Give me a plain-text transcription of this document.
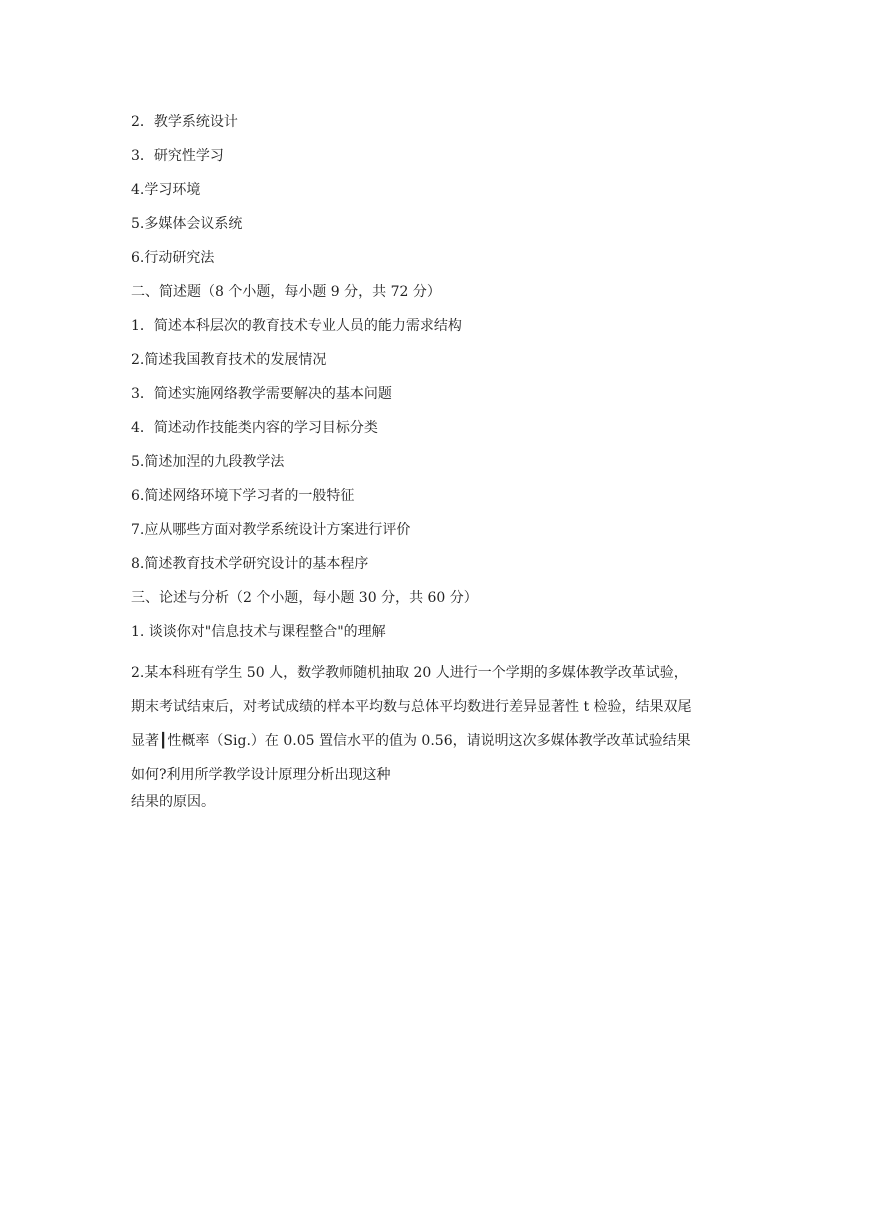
2．教学系统设计
3．研究性学习
4.学习环境
5.多媒体会议系统
6.行动研究法
二、简述题（8 个小题，每小题 9 分，共 72 分）
1．简述本科层次的教育技术专业人员的能力需求结构
2.简述我国教育技术的发展情况
3．简述实施网络教学需要解决的基本问题
4．简述动作技能类内容的学习目标分类
5.简述加涅的九段教学法
6.简述网络环境下学习者的一般特征
7.应从哪些方面对教学系统设计方案进行评价
8.简述教育技术学研究设计的基本程序
三、论述与分析（2 个小题，每小题 30 分，共 60 分）
1. 谈谈你对"信息技术与课程整合"的理解
2.某本科班有学生 50 人，数学教师随机抽取 20 人进行一个学期的多媒体教学改革试验，
期末考试结束后，对考试成绩的样本平均数与总体平均数进行差异显著性 t 检验，结果双尾
显著┃性概率（Sig.）在 0.05 置信水平的值为 0.56，请说明这次多媒体教学改革试验结果
如何?利用所学教学设计原理分析出现这种
结果的原因。
